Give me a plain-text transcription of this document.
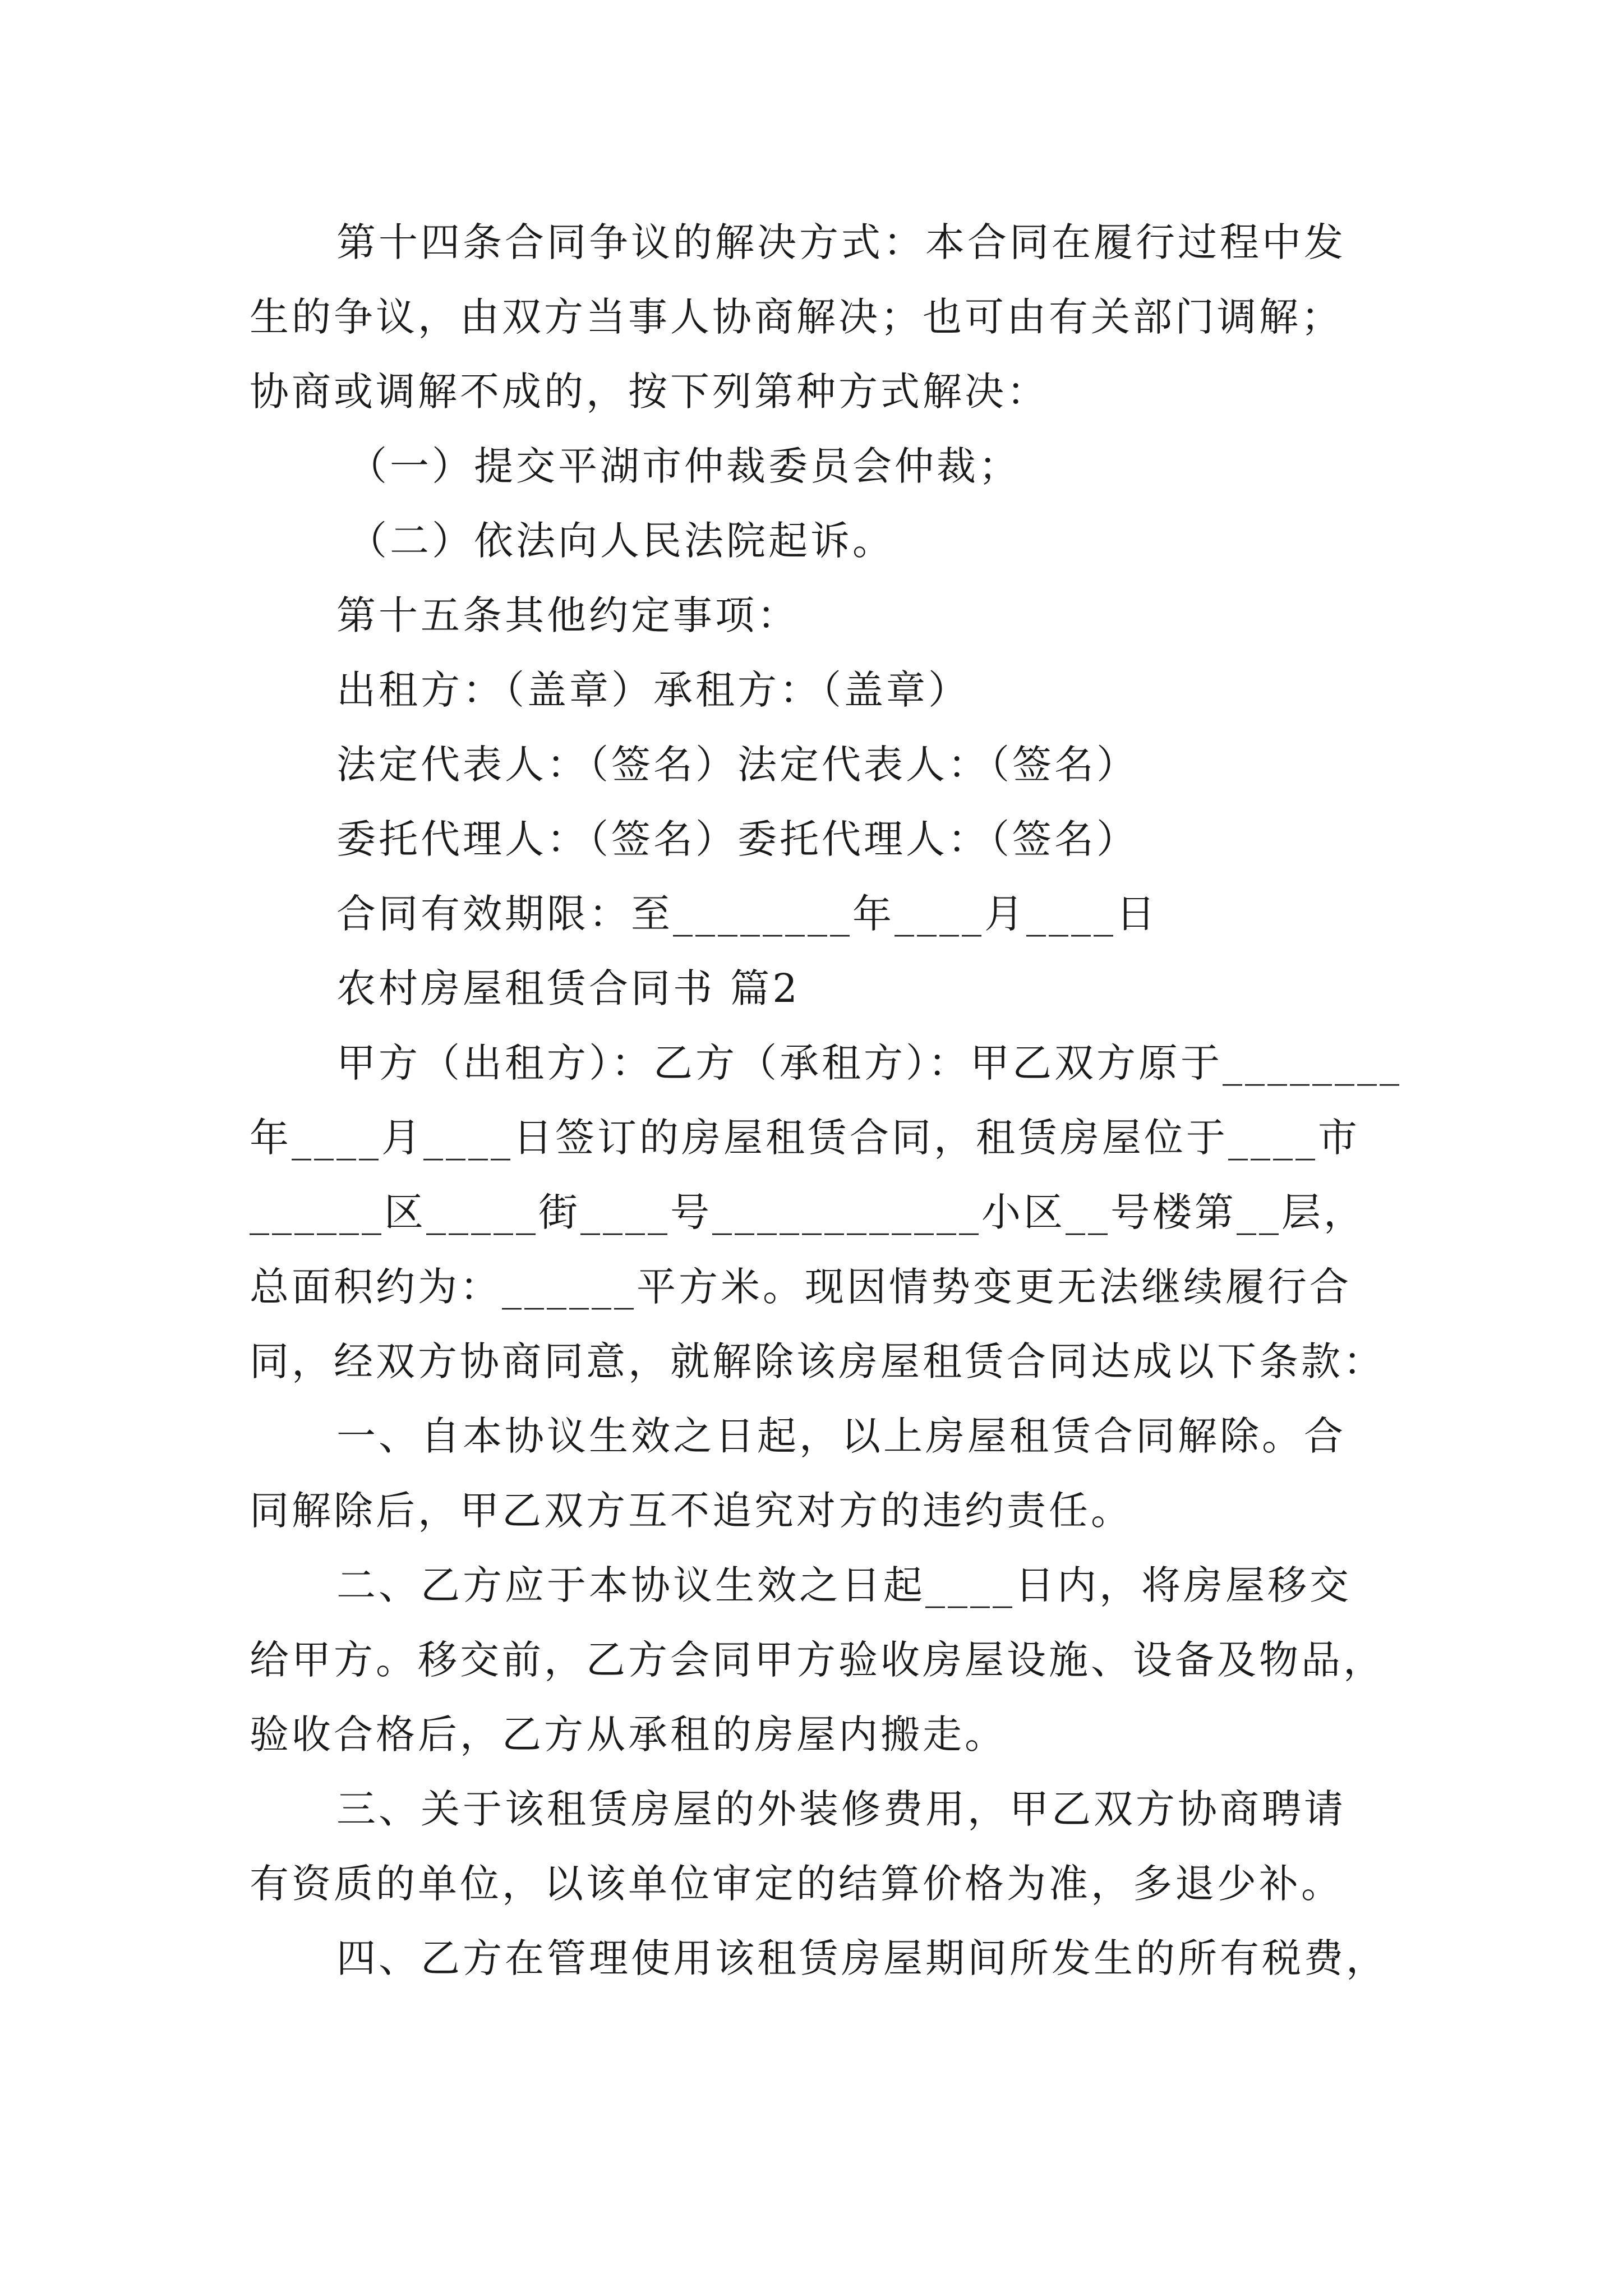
第十四条合同争议的解决方式：本合同在履行过程中发
生的争议，由双方当事人协商解决；也可由有关部门调解；
协商或调解不成的，按下列第种方式解决：
（一）提交平湖市仲裁委员会仲裁；
（二）依法向人民法院起诉。
第十五条其他约定事项：
出租方：（盖章）承租方：（盖章）
法定代表人：（签名）法定代表人：（签名）
委托代理人：（签名）委托代理人：（签名）
合同有效期限：至________年____月____日
农村房屋租赁合同书 篇2
甲方（出租方）：乙方（承租方）：甲乙双方原于________
年____月____日签订的房屋租赁合同，租赁房屋位于____市
______区_____街____号____________小区__号楼第__层，
总面积约为：______平方米。现因情势变更无法继续履行合
同，经双方协商同意，就解除该房屋租赁合同达成以下条款：
一、自本协议生效之日起，以上房屋租赁合同解除。合
同解除后，甲乙双方互不追究对方的违约责任。
二、乙方应于本协议生效之日起____日内，将房屋移交
给甲方。移交前，乙方会同甲方验收房屋设施、设备及物品，
验收合格后，乙方从承租的房屋内搬走。
三、关于该租赁房屋的外装修费用，甲乙双方协商聘请
有资质的单位，以该单位审定的结算价格为准，多退少补。
四、乙方在管理使用该租赁房屋期间所发生的所有税费，
